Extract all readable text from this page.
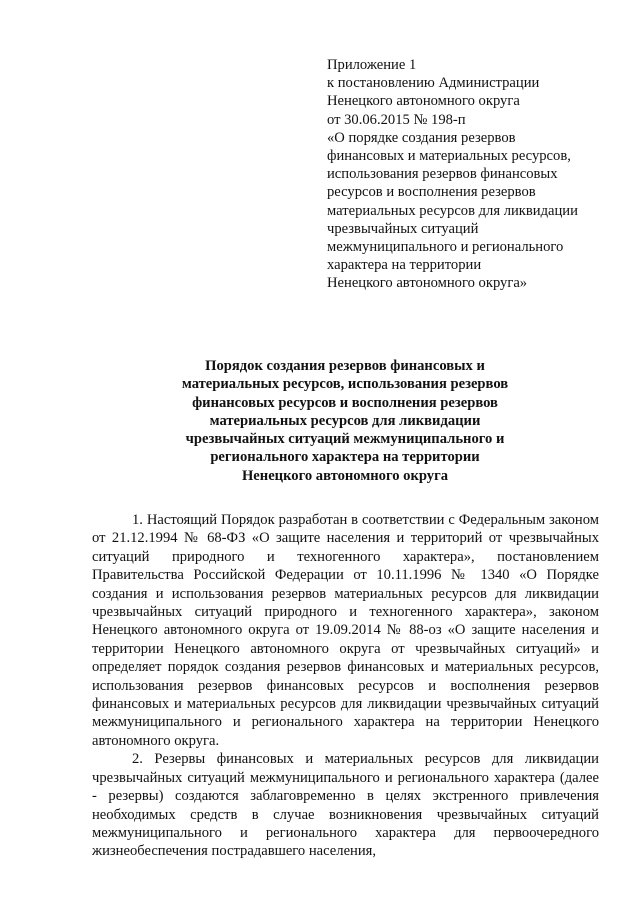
Приложение 1
к постановлению Администрации
Ненецкого автономного округа
от 30.06.2015 № 198-п
«О порядке создания резервов
финансовых и материальных ресурсов,
использования резервов финансовых
ресурсов и восполнения резервов
материальных ресурсов для ликвидации
чрезвычайных ситуаций
межмуниципального и регионального
характера на территории
Ненецкого автономного округа»
Порядок создания резервов финансовых и
материальных ресурсов, использования резервов
финансовых ресурсов и восполнения резервов
материальных ресурсов для ликвидации
чрезвычайных ситуаций межмуниципального и
регионального характера на территории
Ненецкого автономного округа

1. Настоящий Порядок разработан в соответствии с Федеральным законом от 21.12.1994 № 68-ФЗ «О защите населения и территорий от чрезвычайных ситуаций природного и техногенного характера», постановлением Правительства Российской Федерации от 10.11.1996 № 1340 «О Порядке создания и использования резервов материальных ресурсов для ликвидации чрезвычайных ситуаций природного и техногенного характера», законом Ненецкого автономного округа от 19.09.2014 № 88-оз «О защите населения и территории Ненецкого автономного округа от чрезвычайных ситуаций» и определяет порядок создания резервов финансовых и материальных ресурсов, использования резервов финансовых ресурсов и восполнения резервов финансовых и материальных ресурсов для ликвидации чрезвычайных ситуаций межмуниципального и регионального характера на территории Ненецкого автономного округа.

2. Резервы финансовых и материальных ресурсов для ликвидации чрезвычайных ситуаций межмуниципального и регионального характера (далее - резервы) создаются заблаговременно в целях экстренного привлечения необходимых средств в случае возникновения чрезвычайных ситуаций межмуниципального и регионального характера для первоочередного жизнеобеспечения пострадавшего населения,
